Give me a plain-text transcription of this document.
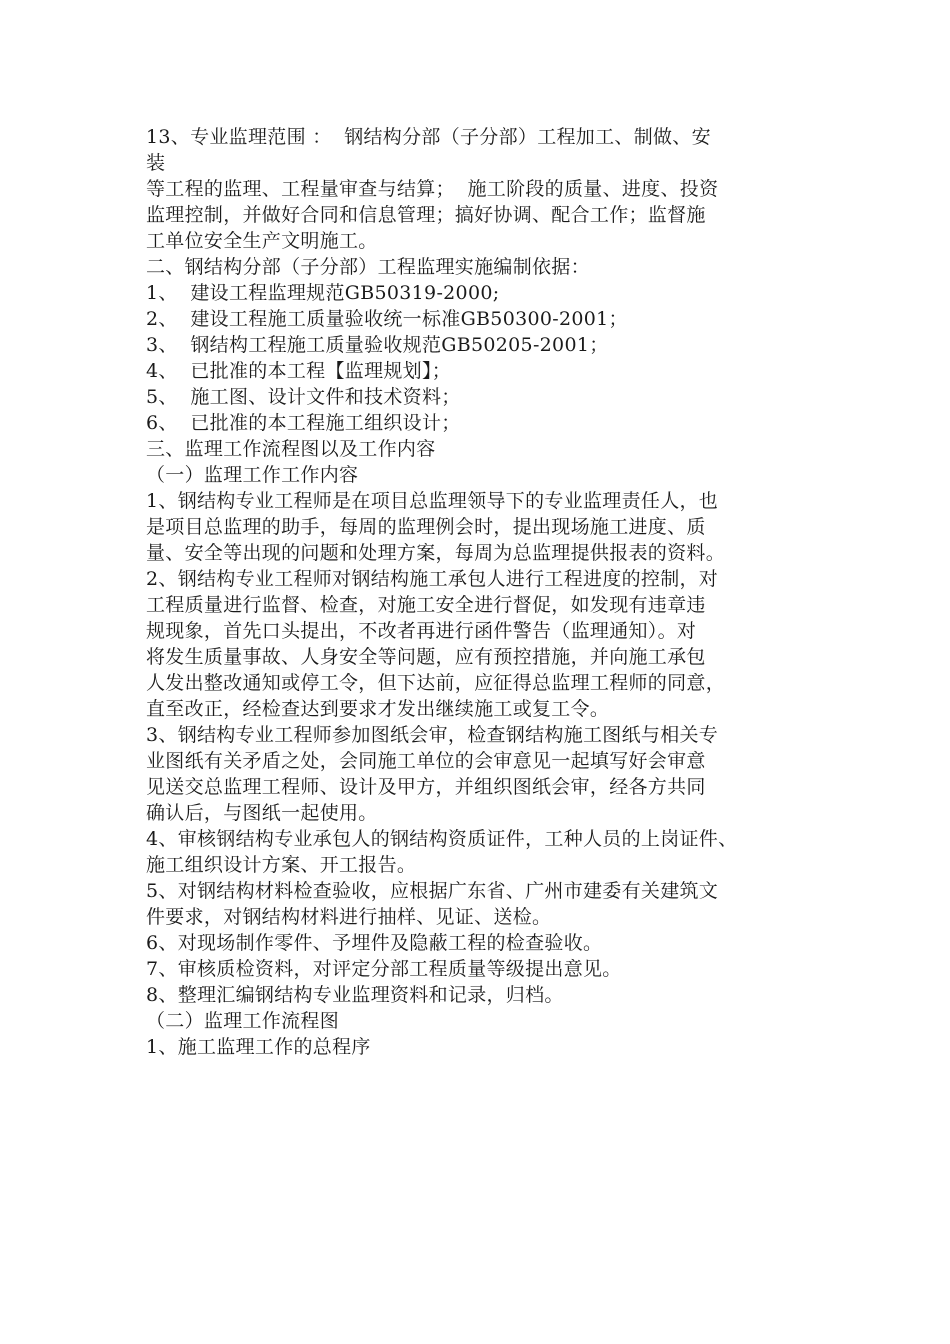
13、专业监理范围 ：  钢结构分部（子分部）工程加工、制做、安
装
等工程的监理、工程量审查与结算；  施工阶段的质量、进度、投资
监理控制，并做好合同和信息管理；搞好协调、配合工作；监督施
工单位安全生产文明施工。
二、钢结构分部（子分部）工程监理实施编制依据：
1、  建设工程监理规范GB50319-2000;
2、  建设工程施工质量验收统一标准GB50300-2001；
3、  钢结构工程施工质量验收规范GB50205-2001；
4、  已批准的本工程【监理规划】；
5、  施工图、设计文件和技术资料；
6、  已批准的本工程施工组织设计；
三、监理工作流程图以及工作内容
（一）监理工作工作内容
1、钢结构专业工程师是在项目总监理领导下的专业监理责任人，也
是项目总监理的助手，每周的监理例会时，提出现场施工进度、质
量、安全等出现的问题和处理方案，每周为总监理提供报表的资料。
2、钢结构专业工程师对钢结构施工承包人进行工程进度的控制，对
工程质量进行监督、检查，对施工安全进行督促，如发现有违章违
规现象，首先口头提出，不改者再进行函件警告（监理通知）。对
将发生质量事故、人身安全等问题，应有预控措施，并向施工承包
人发出整改通知或停工令，但下达前，应征得总监理工程师的同意，
直至改正，经检查达到要求才发出继续施工或复工令。
3、钢结构专业工程师参加图纸会审，检查钢结构施工图纸与相关专
业图纸有关矛盾之处，会同施工单位的会审意见一起填写好会审意
见送交总监理工程师、设计及甲方，并组织图纸会审，经各方共同
确认后，与图纸一起使用。
4、审核钢结构专业承包人的钢结构资质证件，工种人员的上岗证件、
施工组织设计方案、开工报告。
5、对钢结构材料检查验收，应根据广东省、广州市建委有关建筑文
件要求，对钢结构材料进行抽样、见证、送检。
6、对现场制作零件、予埋件及隐蔽工程的检查验收。
7、审核质检资料，对评定分部工程质量等级提出意见。
8、整理汇编钢结构专业监理资料和记录，归档。
（二）监理工作流程图
1、施工监理工作的总程序
